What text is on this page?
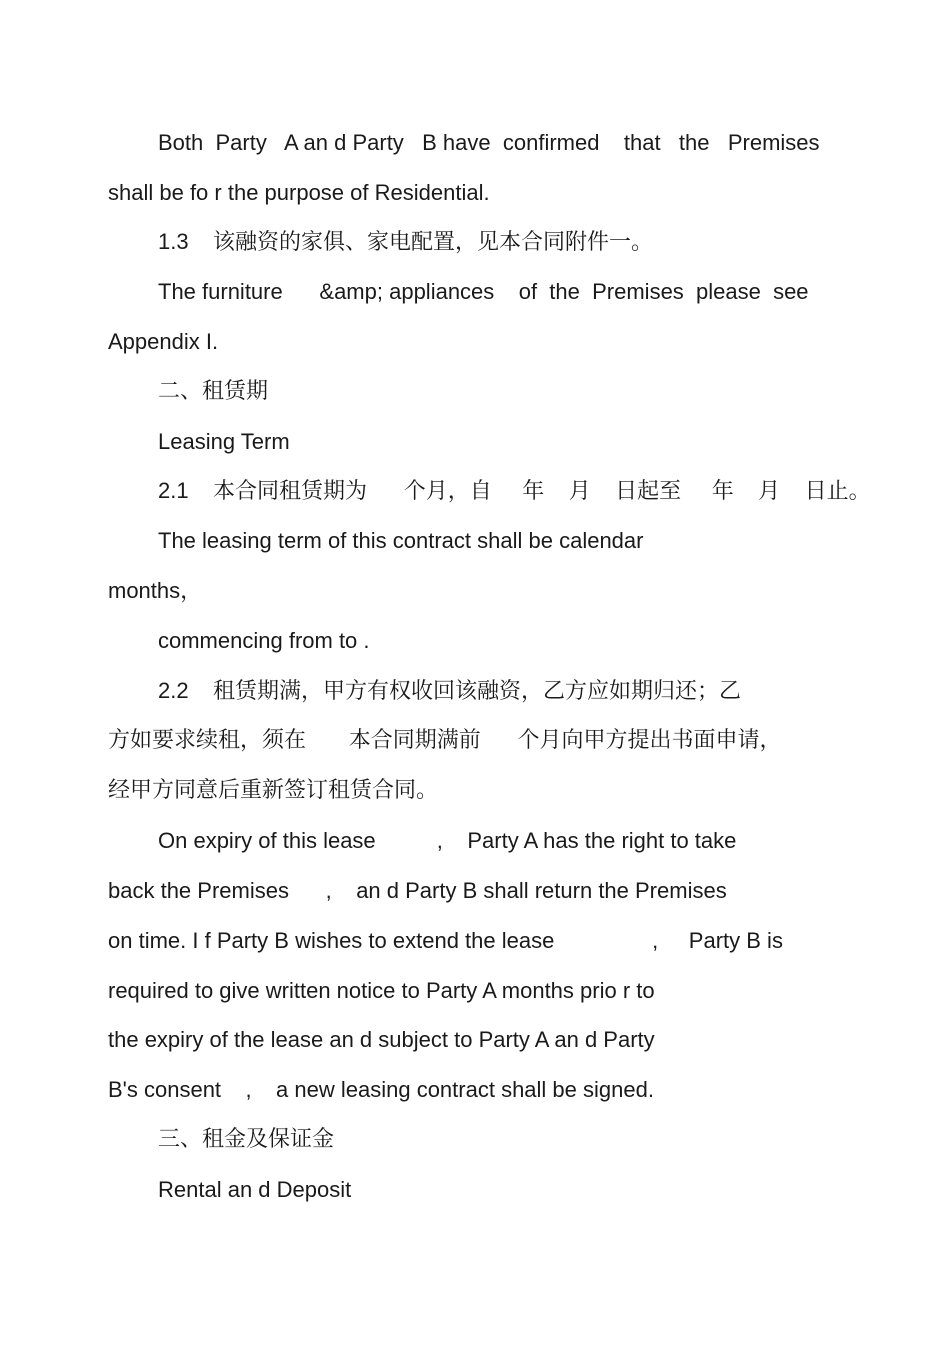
Both  Party   A an d Party   B have  confirmed    that   the   Premises
shall be fo r the purpose of Residential.
1.3    该融资的家俱、家电配置，见本合同附件一。
The furniture      &amp; appliances    of  the  Premises  please  see
Appendix I.
二、租赁期
Leasing Term
2.1    本合同租赁期为      个月，自     年    月    日起至     年    月    日止。
The leasing term of this contract shall be calendar
months，
commencing from to .
2.2    租赁期满，甲方有权收回该融资，乙方应如期归还；乙
方如要求续租，须在       本合同期满前      个月向甲方提出书面申请，
经甲方同意后重新签订租赁合同。
On expiry of this lease          ,    Party A has the right to take
back the Premises      ,    an d Party B shall return the Premises
on time. I f Party B wishes to extend the lease                ,     Party B is
required to give written notice to Party A months prio r to
the expiry of the lease an d subject to Party A an d Party
B's consent    ,    a new leasing contract shall be signed.
三、租金及保证金
Rental an d Deposit
